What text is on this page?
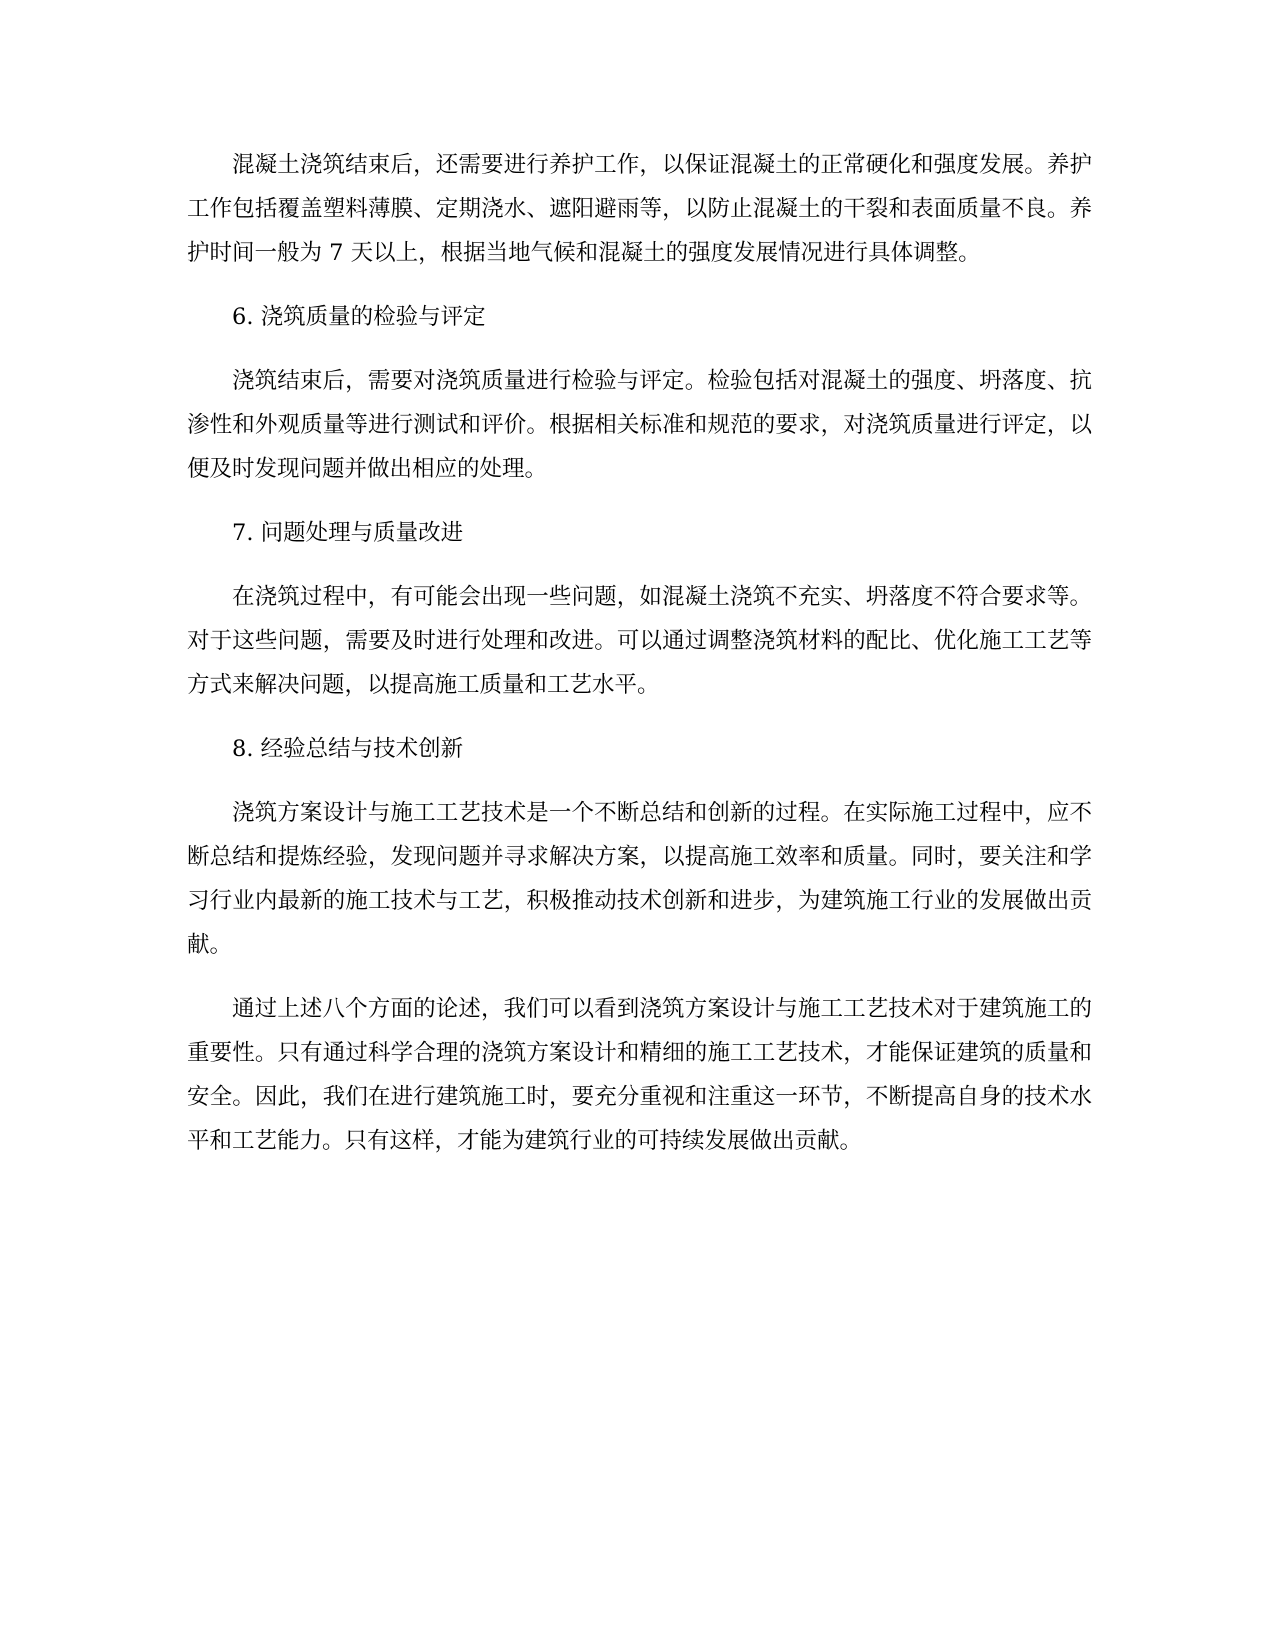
混凝土浇筑结束后，还需要进行养护工作，以保证混凝土的正常硬化和强度发展。养护工作包括覆盖塑料薄膜、定期浇水、遮阳避雨等，以防止混凝土的干裂和表面质量不良。养护时间一般为 7 天以上，根据当地气候和混凝土的强度发展情况进行具体调整。

6. 浇筑质量的检验与评定

浇筑结束后，需要对浇筑质量进行检验与评定。检验包括对混凝土的强度、坍落度、抗渗性和外观质量等进行测试和评价。根据相关标准和规范的要求，对浇筑质量进行评定，以便及时发现问题并做出相应的处理。

7. 问题处理与质量改进

在浇筑过程中，有可能会出现一些问题，如混凝土浇筑不充实、坍落度不符合要求等。对于这些问题，需要及时进行处理和改进。可以通过调整浇筑材料的配比、优化施工工艺等方式来解决问题，以提高施工质量和工艺水平。

8. 经验总结与技术创新

浇筑方案设计与施工工艺技术是一个不断总结和创新的过程。在实际施工过程中，应不断总结和提炼经验，发现问题并寻求解决方案，以提高施工效率和质量。同时，要关注和学习行业内最新的施工技术与工艺，积极推动技术创新和进步，为建筑施工行业的发展做出贡献。

通过上述八个方面的论述，我们可以看到浇筑方案设计与施工工艺技术对于建筑施工的重要性。只有通过科学合理的浇筑方案设计和精细的施工工艺技术，才能保证建筑的质量和安全。因此，我们在进行建筑施工时，要充分重视和注重这一环节，不断提高自身的技术水平和工艺能力。只有这样，才能为建筑行业的可持续发展做出贡献。
